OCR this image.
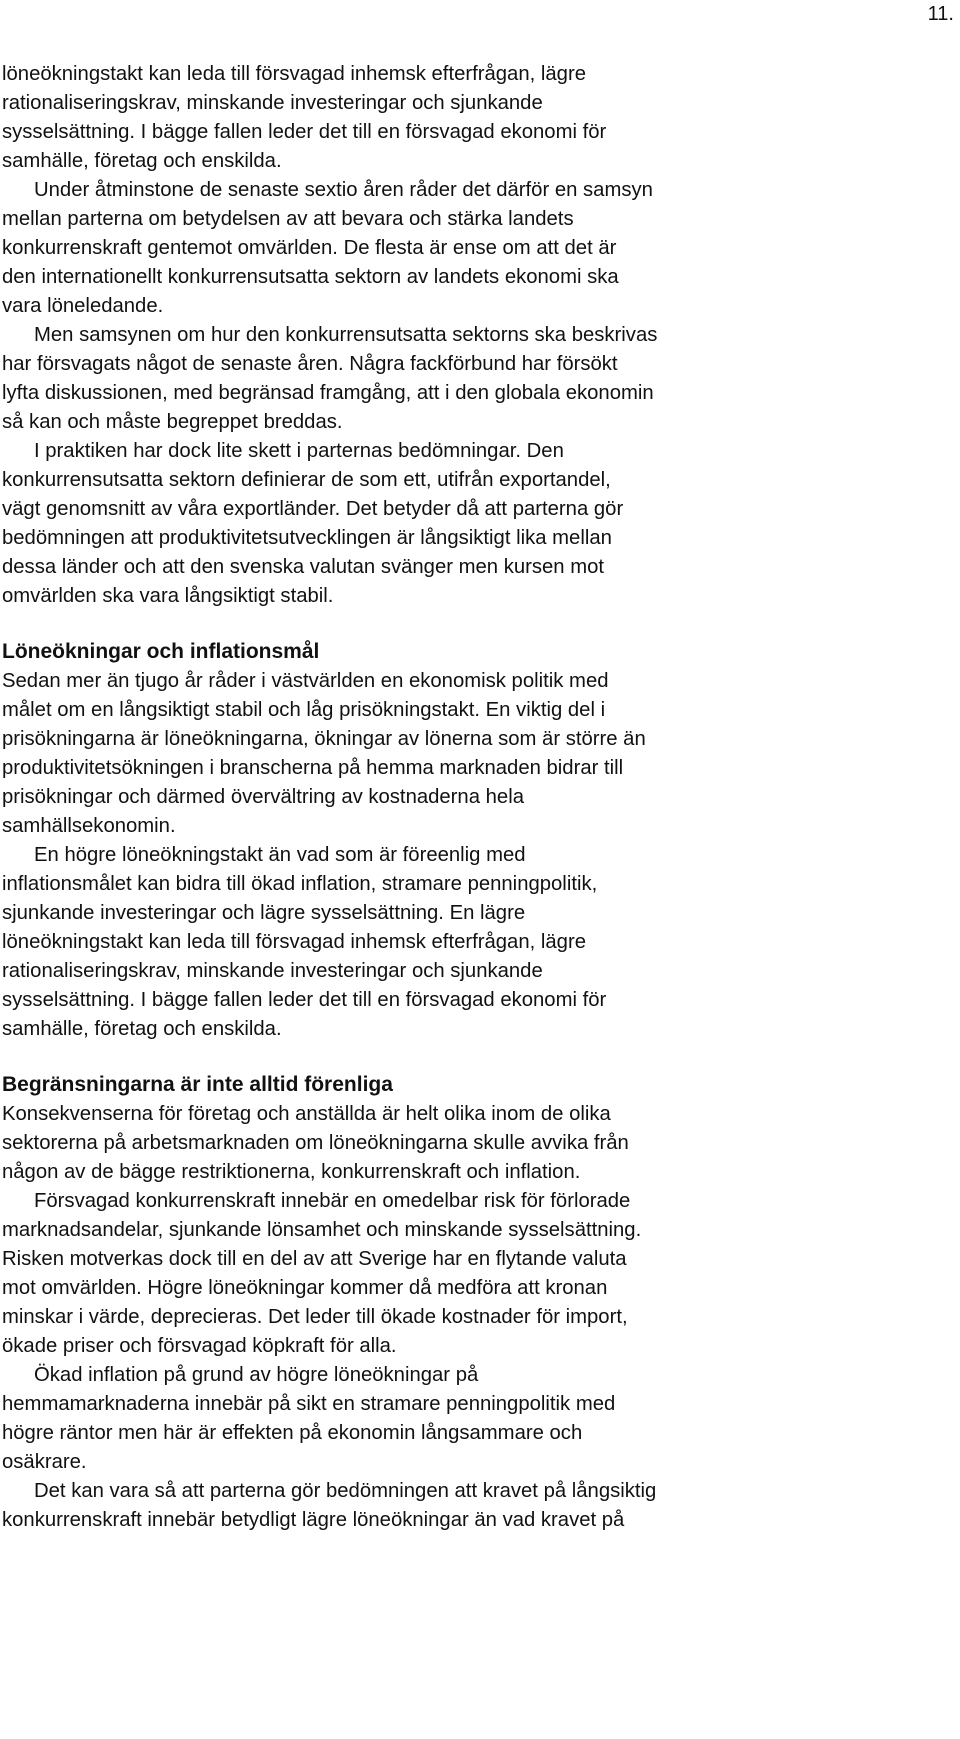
11.

löneökningstakt kan leda till försvagad inhemsk efterfrågan, lägre
rationaliseringskrav, minskande investeringar och sjunkande
sysselsättning. I bägge fallen leder det till en försvagad ekonomi för
samhälle, företag och enskilda.

Under åtminstone de senaste sextio åren råder det därför en samsyn
mellan parterna om betydelsen av att bevara och stärka landets
konkurrenskraft gentemot omvärlden. De flesta är ense om att det är
den internationellt konkurrensutsatta sektorn av landets ekonomi ska
vara löneledande.

Men samsynen om hur den konkurrensutsatta sektorns ska beskrivas
har försvagats något de senaste åren. Några fackförbund har försökt
lyfta diskussionen, med begränsad framgång, att i den globala ekonomin
så kan och måste begreppet breddas.

I praktiken har dock lite skett i parternas bedömningar. Den
konkurrensutsatta sektorn definierar de som ett, utifrån exportandel,
vägt genomsnitt av våra exportländer. Det betyder då att parterna gör
bedömningen att produktivitetsutvecklingen är långsiktigt lika mellan
dessa länder och att den svenska valutan svänger men kursen mot
omvärlden ska vara långsiktigt stabil.

Löneökningar och inflationsmål

Sedan mer än tjugo år råder i västvärlden en ekonomisk politik med
målet om en långsiktigt stabil och låg prisökningstakt. En viktig del i
prisökningarna är löneökningarna, ökningar av lönerna som är större än
produktivitetsökningen i branscherna på hemma marknaden bidrar till
prisökningar och därmed övervältring av kostnaderna hela
samhällsekonomin.

En högre löneökningstakt än vad som är föreenlig med
inflationsmålet kan bidra till ökad inflation, stramare penningpolitik,
sjunkande investeringar och lägre sysselsättning. En lägre
löneökningstakt kan leda till försvagad inhemsk efterfrågan, lägre
rationaliseringskrav, minskande investeringar och sjunkande
sysselsättning. I bägge fallen leder det till en försvagad ekonomi för
samhälle, företag och enskilda.

Begränsningarna är inte alltid förenliga

Konsekvenserna för företag och anställda är helt olika inom de olika
sektorerna på arbetsmarknaden om löneökningarna skulle avvika från
någon av de bägge restriktionerna, konkurrenskraft och inflation.

Försvagad konkurrenskraft innebär en omedelbar risk för förlorade
marknadsandelar, sjunkande lönsamhet och minskande sysselsättning.
Risken motverkas dock till en del av att Sverige har en flytande valuta
mot omvärlden. Högre löneökningar kommer då medföra att kronan
minskar i värde, deprecieras. Det leder till ökade kostnader för import,
ökade priser och försvagad köpkraft för alla.

Ökad inflation på grund av högre löneökningar på
hemmamarknaderna innebär på sikt en stramare penningpolitik med
högre räntor men här är effekten på ekonomin långsammare och
osäkrare.

Det kan vara så att parterna gör bedömningen att kravet på långsiktig
konkurrenskraft innebär betydligt lägre löneökningar än vad kravet på
